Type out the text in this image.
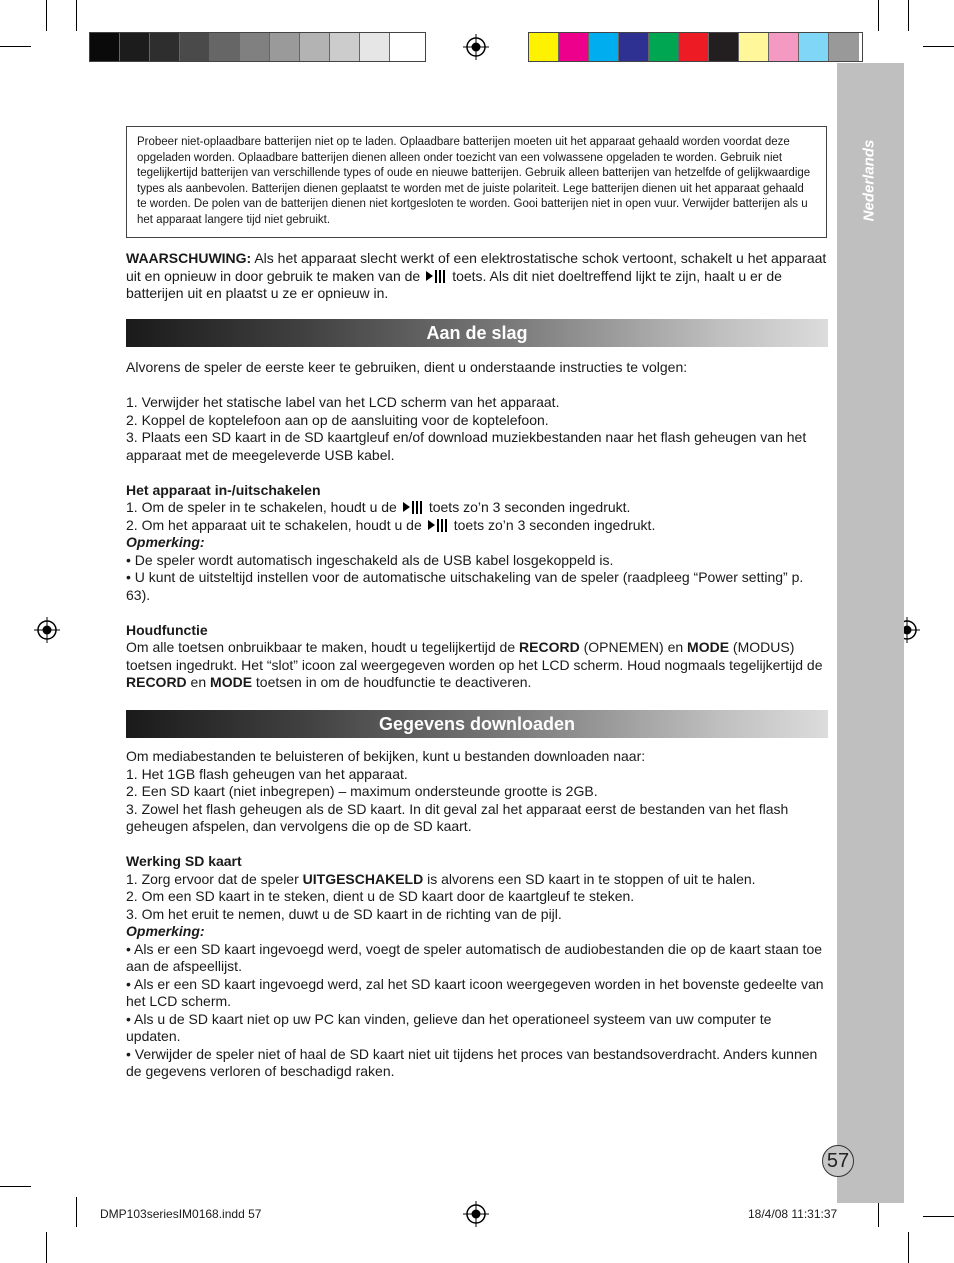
Nederlands
57
Probeer niet-oplaadbare batterijen niet op te laden. Oplaadbare batterijen moeten uit het apparaat gehaald worden voordat deze opgeladen worden. Oplaadbare batterijen dienen alleen onder toezicht van een volwassene opgeladen te worden. Gebruik niet tegelijkertijd batterijen van verschillende types of oude en nieuwe batterijen. Gebruik alleen batterijen van hetzelfde of gelijkwaardige types als aanbevolen. Batterijen dienen geplaatst te worden met de juiste polariteit. Lege batterijen dienen uit het apparaat gehaald te worden. De polen van de batterijen dienen niet kortgesloten te worden. Gooi batterijen niet in open vuur. Verwijder batterijen als u het apparaat langere tijd niet gebruikt.

WAARSCHUWING: Als het apparaat slecht werkt of een elektrostatische schok vertoont, schakelt u het apparaat uit en opnieuw in door gebruik te maken van de toets. Als dit niet doeltreffend lijkt te zijn, haalt u er de batterijen uit en plaatst u ze er opnieuw in.

Aan de slag

Alvorens de speler de eerste keer te gebruiken, dient u onderstaande instructies te volgen:

1. Verwijder het statische label van het LCD scherm van het apparaat.

2. Koppel de koptelefoon aan op de aansluiting voor de koptelefoon.

3. Plaats een SD kaart in de SD kaartgleuf en/of download muziekbestanden naar het flash geheugen van het apparaat met de meegeleverde USB kabel.

Het apparaat in-/uitschakelen

1. Om de speler in te schakelen, houdt u de toets zo’n 3 seconden ingedrukt.

2. Om het apparaat uit te schakelen, houdt u de toets zo’n 3 seconden ingedrukt.

Opmerking:

• De speler wordt automatisch ingeschakeld als de USB kabel losgekoppeld is.

• U kunt de uitsteltijd instellen voor de automatische uitschakeling van de speler (raadpleeg “Power setting” p. 63).

Houdfunctie

Om alle toetsen onbruikbaar te maken, houdt u tegelijkertijd de RECORD (OPNEMEN) en MODE (MODUS) toetsen ingedrukt. Het “slot” icoon zal weergegeven worden op het LCD scherm. Houd nogmaals tegelijkertijd de RECORD en MODE toetsen in om de houdfunctie te deactiveren.

Gegevens downloaden

Om mediabestanden te beluisteren of bekijken, kunt u bestanden downloaden naar:

1. Het 1GB flash geheugen van het apparaat.

2. Een SD kaart (niet inbegrepen) – maximum ondersteunde grootte is 2GB.

3. Zowel het flash geheugen als de SD kaart. In dit geval zal het apparaat eerst de bestanden van het flash geheugen afspelen, dan vervolgens die op de SD kaart.

Werking SD kaart

1. Zorg ervoor dat de speler UITGESCHAKELD is alvorens een SD kaart in te stoppen of uit te halen.

2. Om een SD kaart in te steken, dient u de SD kaart door de kaartgleuf te steken.

3. Om het eruit te nemen, duwt u de SD kaart in de richting van de pijl.

Opmerking:

• Als er een SD kaart ingevoegd werd, voegt de speler automatisch de audiobestanden die op de kaart staan toe aan de afspeellijst.

• Als er een SD kaart ingevoegd werd, zal het SD kaart icoon weergegeven worden in het bovenste gedeelte van het LCD scherm.

• Als u de SD kaart niet op uw PC kan vinden, gelieve dan het operationeel systeem van uw computer te updaten.

• Verwijder de speler niet of haal de SD kaart niet uit tijdens het proces van bestandsoverdracht. Anders kunnen de gegevens verloren of beschadigd raken.

DMP103seriesIM0168.indd 57	18/4/08 11:31:37
